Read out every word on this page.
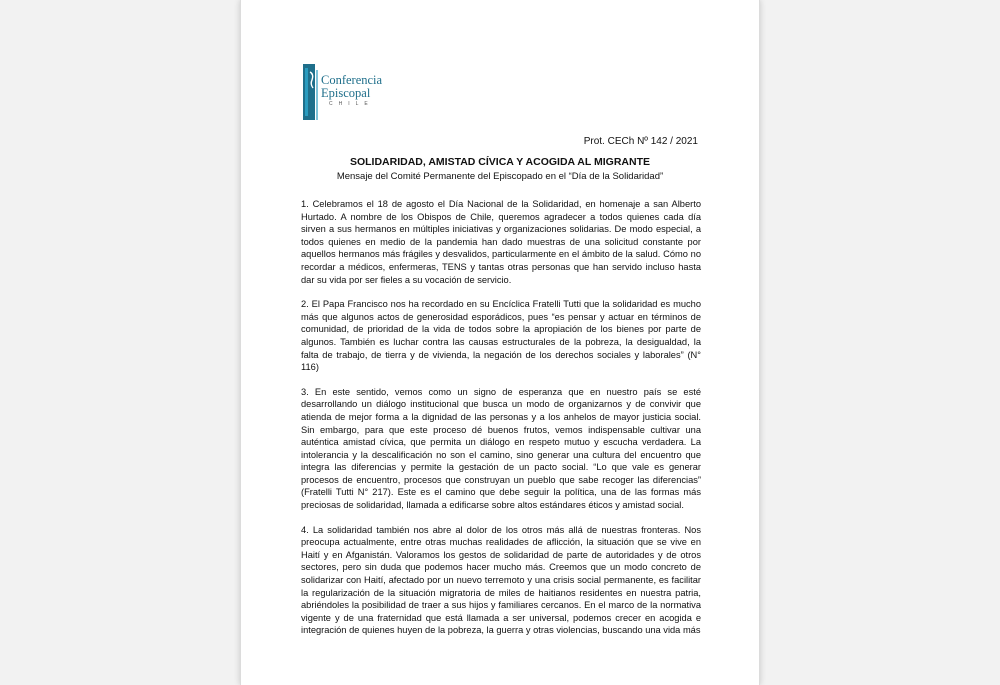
Conferencia
Episcopal
CHILE
Prot. CECh Nº 142 / 2021
SOLIDARIDAD, AMISTAD CÍVICA Y ACOGIDA AL MIGRANTE
Mensaje del Comité Permanente del Episcopado en el “Día de la Solidaridad”

1. Celebramos el 18 de agosto el Día Nacional de la Solidaridad, en homenaje a san Alberto Hurtado. A nombre de los Obispos de Chile, queremos agradecer a todos quienes cada día sirven a sus hermanos en múltiples iniciativas y organizaciones solidarias. De modo especial, a todos quienes en medio de la pandemia han dado muestras de una solicitud constante por aquellos hermanos más frágiles y desvalidos, particularmente en el ámbito de la salud. Cómo no recordar a médicos, enfermeras, TENS y tantas otras personas que han servido incluso hasta dar su vida por ser fieles a su vocación de servicio.

2. El Papa Francisco nos ha recordado en su Encíclica Fratelli Tutti que la solidaridad es mucho más que algunos actos de generosidad esporádicos, pues “es pensar y actuar en términos de comunidad, de prioridad de la vida de todos sobre la apropiación de los bienes por parte de algunos. También es luchar contra las causas estructurales de la pobreza, la desigualdad, la falta de trabajo, de tierra y de vivienda, la negación de los derechos sociales y laborales” (N° 116)

3. En este sentido, vemos como un signo de esperanza que en nuestro país se esté desarrollando un diálogo institucional que busca un modo de organizarnos y de convivir que atienda de mejor forma a la dignidad de las personas y a los anhelos de mayor justicia social. Sin embargo, para que este proceso dé buenos frutos, vemos indispensable cultivar una auténtica amistad cívica, que permita un diálogo en respeto mutuo y escucha verdadera. La intolerancia y la descalificación no son el camino, sino generar una cultura del encuentro que integra las diferencias y permite la gestación de un pacto social. “Lo que vale es generar procesos de encuentro, procesos que construyan un pueblo que sabe recoger las diferencias” (Fratelli Tutti N° 217). Este es el camino que debe seguir la política, una de las formas más preciosas de solidaridad, llamada a edificarse sobre altos estándares éticos y amistad social.

4. La solidaridad también nos abre al dolor de los otros más allá de nuestras fronteras. Nos preocupa actualmente, entre otras muchas realidades de aflicción, la situación que se vive en Haití y en Afganistán. Valoramos los gestos de solidaridad de parte de autoridades y de otros sectores, pero sin duda que podemos hacer mucho más. Creemos que un modo concreto de solidarizar con Haití, afectado por un nuevo terremoto y una crisis social permanente, es facilitar la regularización de la situación migratoria de miles de haitianos residentes en nuestra patria, abriéndoles la posibilidad de traer a sus hijos y familiares cercanos. En el marco de la normativa vigente y de una fraternidad que está llamada a ser universal, podemos crecer en acogida e integración de quienes huyen de la pobreza, la guerra y otras violencias, buscando una vida más
